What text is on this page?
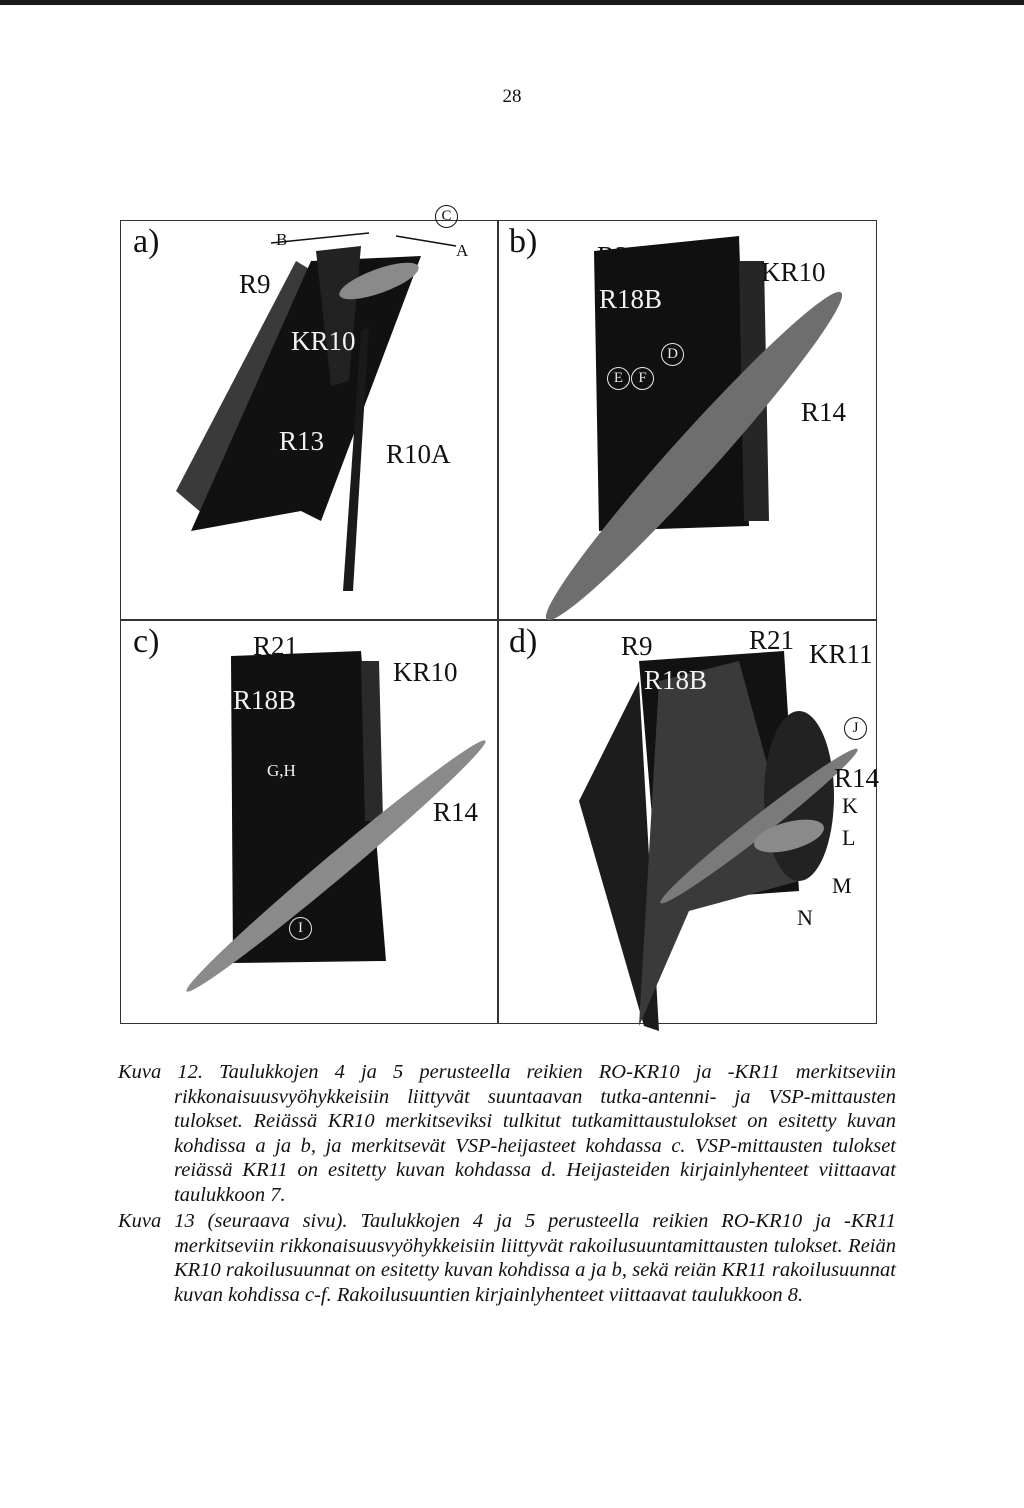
28
a)	B
A
C
R9
KR10
R13 R10A
b) R21
KR10
R18B
D
E	F
R14
c)	R21
KR10
R18B
G,H
R14
I
d)	R9	R21 KR11
R18B
J
R14
K
L
M
N

Kuva 12. Taulukkojen 4 ja 5 perusteella reikien RO-KR10 ja -KR11 merkitseviin rikkonaisuusvyöhykkeisiin liittyvät suuntaavan tutka-antenni- ja VSP-mittausten tulokset. Reiässä KR10 merkitseviksi tulkitut tutkamittaustulokset on esitetty kuvan kohdissa a ja b, ja merkitsevät VSP-heijasteet kohdassa c. VSP-mittausten tulokset reiässä KR11 on esitetty kuvan kohdassa d. Heijasteiden kirjainlyhenteet viittaavat taulukkoon 7.

Kuva 13 (seuraava sivu). Taulukkojen 4 ja 5 perusteella reikien RO-KR10 ja -KR11 merkitseviin rikkonaisuusvyöhykkeisiin liittyvät rakoilusuuntamittausten tulokset. Reiän KR10 rakoilusuunnat on esitetty kuvan kohdissa a ja b, sekä reiän KR11 rakoilusuunnat kuvan kohdissa c-f. Rakoilusuuntien kirjainlyhenteet viittaavat taulukkoon 8.
